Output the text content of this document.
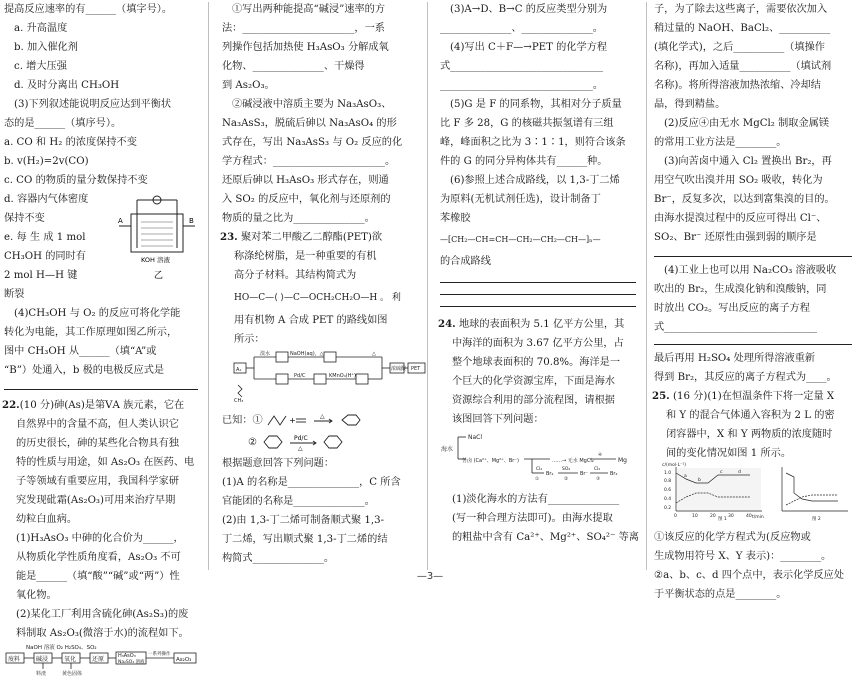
提高反应速率的有______（填字号）。
a. 升高温度
b. 加入催化剂
c. 增大压强
d. 及时分离出 CH₃OH
(3)下列叙述能说明反应达到平衡状
态的是______（填序号）。
a. CO 和 H₂ 的浓度保持不变
b. v(H₂)=2v(CO)
c. CO 的物质的量分数保持不变
d. 容器内气体密度
保持不变
e. 每 生 成 1 mol
CH₃OH 的同时有
2 mol H—H 键
A	B
KOH 溶液
乙
断裂
(4)CH₃OH 与 O₂ 的反应可将化学能
转化为电能，其工作原理如图乙所示，
图中 CH₃OH 从______（填“A”或
“B”）处通入，b 极的电极反应式是
22.(10 分)砷(As)是第ⅤA 族元素，它在
自然界中的含量不高，但人类认识它
的历史很长，砷的某些化合物具有独
特的性质与用途，如 As₂O₃ 在医药、电
子等领域有重要应用，我国科学家研
究发现砒霜(As₂O₃)可用来治疗早期
幼粒白血病。
(1)H₃AsO₃ 中砷的化合价为______，
从物质化学性质角度看，As₂O₃ 不可
能是______（填“酸”“碱”或“两”）性
氧化物。
(2)某化工厂利用含硫化砷(As₂S₃)的废
料制取 As₂O₃(微溶于水)的流程如下。
NaOH 溶液 O₂ H₂SO₄、SO₂
废料	碱浸	氧化	还原	H₃AsO₃
Na₂SO₄ 溶液	As₂O₃
一系列操作
料渣	黄色固体
①写出两种能提高“碱浸”速率的方
法：______________________，一系
列操作包括加热使 H₃AsO₃ 分解成氧
化物、______________、干燥得
到 As₂O₃。
②碱浸液中溶质主要为 Na₃AsO₃、
Na₃AsS₃，脱硫后砷以 Na₃AsO₄ 的形
式存在，写出 Na₃AsS₃ 与 O₂ 反应的化
学方程式：______________________。
还原后砷以 H₃AsO₃ 形式存在，则通
入 SO₂ 的反应中，氧化剂与还原剂的
物质的量之比为______________。
23. 聚对苯二甲酸乙二醇酯(PET)欲
称涤纶树脂，是一种重要的有机
高分子材料。其结构简式为
HO—C—⟨ ⟩—C—OCH₂CH₂O—H 。 利
用有机物 A 合成 PET 的路线如图
所示：
A₁
溴水	NaOH(aq)，△
Pd/C	KMnO₄(H⁺)
△
浓硫酸 PET
CH₃
已知：①	+	△
②	Pd/C
△
根据题意回答下列问题：
(1)A 的名称是______________，C 所含
官能团的名称是______________。
(2)由 1,3-丁二烯可制备顺式聚 1,3-
丁二烯，写出顺式聚 1,3-丁二烯的结
构简式______________。
(3)A→D、B→C 的反应类型分别为
______________、______________。
(4)写出 C＋F—→PET 的化学方程
式______________________________
______________________________。
(5)G 是 F 的同系物，其相对分子质量
比 F 多 28，G 的核磁共振氢谱有三组
峰，峰面积之比为 3∶1∶1，则符合该条
件的 G 的同分异构体共有______种。
(6)参照上述合成路线，以 1,3-丁二烯
为原料(无机试剂任选)，设计制备丁
苯橡胶
—[CH₂—CH=CH—CH₂—CH₂—CH—]ₙ—
的合成路线
24. 地球的表面积为 5.1 亿平方公里，其
中海洋的面积为 3.67 亿平方公里，占
整个地球表面积的 70.8%。海洋是一
个巨大的化学资源宝库，下面是海水
资源综合利用的部分流程图，请根据
该图回答下列问题：
海水
NaCl
苦卤 (Ca²⁺、Mg²⁺、Br⁻)	……→ 无水 MgCl₂
④
Mg
Cl₂
①
Br₂
SO₂
②
Br⁻
Cl₂
③
Br₂
(1)淡化海水的方法有______________
(写一种合理方法即可)。由海水提取
的粗盐中含有 Ca²⁺、Mg²⁺、SO₄²⁻ 等离
子，为了除去这些离子，需要依次加入
稍过量的 NaOH、BaCl₂、__________
(填化学式)，之后__________（填操作
名称)，再加入适量__________（填试剂
名称)。将所得溶液加热浓缩、冷却结
晶，得到精盐。
(2)反应④由无水 MgCl₂ 制取金属镁
的常用工业方法是________。
(3)向苦卤中通入 Cl₂ 置换出 Br₂，再
用空气吹出溴并用 SO₂ 吸收，转化为
Br⁻，反复多次，以达到富集溴的目的。
由海水提溴过程中的反应可得出 Cl⁻、
SO₂、Br⁻ 还原性由强到弱的顺序是
(4)工业上也可以用 Na₂CO₃ 溶液吸收
吹出的 Br₂，生成溴化钠和溴酸钠，同
时放出 CO₂。写出反应的离子方程
式______________________________
最后再用 H₂SO₄ 处理所得溶液重新
得到 Br₂，其反应的离子方程式为____。
25. (16 分)(1)在恒温条件下将一定量 X
和 Y 的混合气体通入容积为 2 L 的密
闭容器中，X 和 Y 两物质的浓度随时
间的变化情况如图 1 所示。
c/(mol·L⁻¹)
t/min
1.0
0.8
0.6
0.4
0.2
0	10	20	30	40
a
b
c	d
图 1	图 2
①该反应的化学方程式为(反应物或
生成物用符号 X、Y 表示)：________。
②a、b、c、d 四个点中，表示化学反应处
于平衡状态的点是________。
—3—
